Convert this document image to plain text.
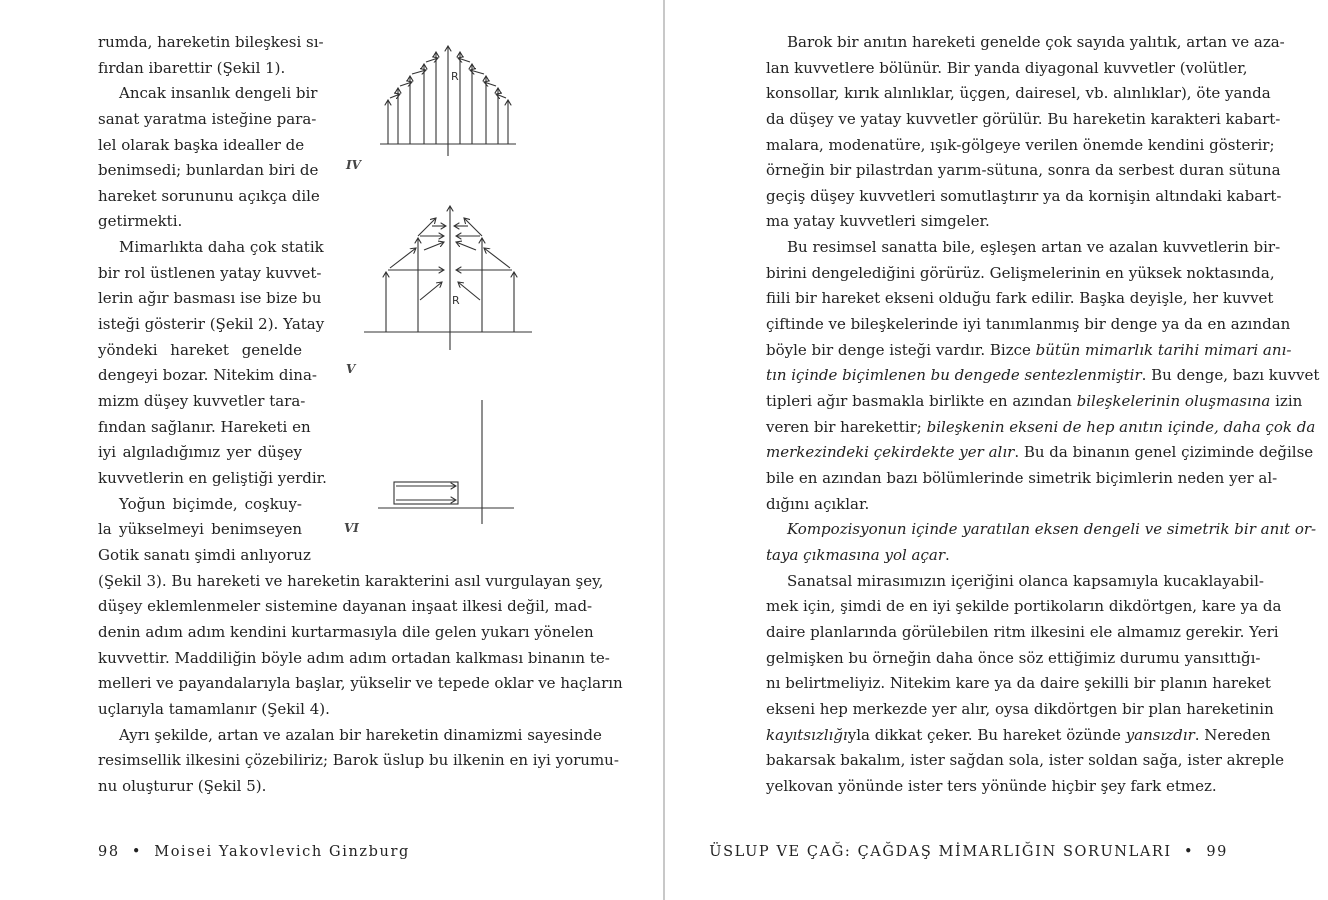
rumda, hareketin bileşkesi sı-
fırdan ibarettir (Şekil 1).
Ancak insanlık dengeli bir
sanat yaratma isteğine para-
lel olarak başka idealler de
benimsedi; bunlardan biri de
hareket sorununu açıkça dile
getirmekti.
Mimarlıkta daha çok statik
bir rol üstlenen yatay kuvvet-
lerin ağır basması ise bize bu
isteği gösterir (Şekil 2). Yatay
yöndeki hareket genelde
dengeyi bozar. Nitekim dina-
mizm düşey kuvvetler tara-
fından sağlanır. Hareketi en
iyi algıladığımız yer düşey
kuvvetlerin en geliştiği yerdir.
Yoğun biçimde, coşkuy-
la yükselmeyi benimseyen
Gotik sanatı şimdi anlıyoruz
(Şekil 3). Bu hareketi ve hareketin karakterini asıl vurgulayan şey,
düşey eklemlenmeler sistemine dayanan inşaat ilkesi değil, mad-
denin adım adım kendini kurtarmasıyla dile gelen yukarı yönelen
kuvvettir. Maddiliğin böyle adım adım ortadan kalkması binanın te-
melleri ve payandalarıyla başlar, yükselir ve tepede oklar ve haçların
uçlarıyla tamamlanır (Şekil 4).
Ayrı şekilde, artan ve azalan bir hareketin dinamizmi sayesinde
resimsellik ilkesini çözebiliriz; Barok üslup bu ilkenin en iyi yorumu-
nu oluşturur (Şekil 5).
R
IV
R
V
VI
98 • Moisei Yakovlevich Ginzburg
Barok bir anıtın hareketi genelde çok sayıda yalıtık, artan ve aza-
lan kuvvetlere bölünür. Bir yanda diyagonal kuvvetler (volütler,
konsollar, kırık alınlıklar, üçgen, dairesel, vb. alınlıklar), öte yanda
da düşey ve yatay kuvvetler görülür. Bu hareketin karakteri kabart-
malara, modenatüre, ışık-gölgeye verilen önemde kendini gösterir;
örneğin bir pilastrdan yarım-sütuna, sonra da serbest duran sütuna
geçiş düşey kuvvetleri somutlaştırır ya da kornişin altındaki kabart-
ma yatay kuvvetleri simgeler.
Bu resimsel sanatta bile, eşleşen artan ve azalan kuvvetlerin bir-
birini dengelediğini görürüz. Gelişmelerinin en yüksek noktasında,
fiili bir hareket ekseni olduğu fark edilir. Başka deyişle, her kuvvet
çiftinde ve bileşkelerinde iyi tanımlanmış bir denge ya da en azından
böyle bir denge isteği vardır. Bizce bütün mimarlık tarihi mimari anı-
tın içinde biçimlenen bu dengede sentezlenmiştir. Bu denge, bazı kuvvet
tipleri ağır basmakla birlikte en azından bileşkelerinin oluşmasına izin
veren bir harekettir; bileşkenin ekseni de hep anıtın içinde, daha çok da
merkezindeki çekirdekte yer alır. Bu da binanın genel çiziminde değilse
bile en azından bazı bölümlerinde simetrik biçimlerin neden yer al-
dığını açıklar.
Kompozisyonun içinde yaratılan eksen dengeli ve simetrik bir anıt or-
taya çıkmasına yol açar.
Sanatsal mirasımızın içeriğini olanca kapsamıyla kucaklayabil-
mek için, şimdi de en iyi şekilde portikoların dikdörtgen, kare ya da
daire planlarında görülebilen ritm ilkesini ele almamız gerekir. Yeri
gelmişken bu örneğin daha önce söz ettiğimiz durumu yansıttığı-
nı belirtmeliyiz. Nitekim kare ya da daire şekilli bir planın hareket
ekseni hep merkezde yer alır, oysa dikdörtgen bir plan hareketinin
kayıtsızlığıyla dikkat çeker. Bu hareket özünde yansızdır. Nereden
bakarsak bakalım, ister sağdan sola, ister soldan sağa, ister akreple
yelkovan yönünde ister ters yönünde hiçbir şey fark etmez.
ÜSLUP VE ÇAĞ: ÇAĞDAŞ MİMARLIĞIN SORUNLARI • 99
